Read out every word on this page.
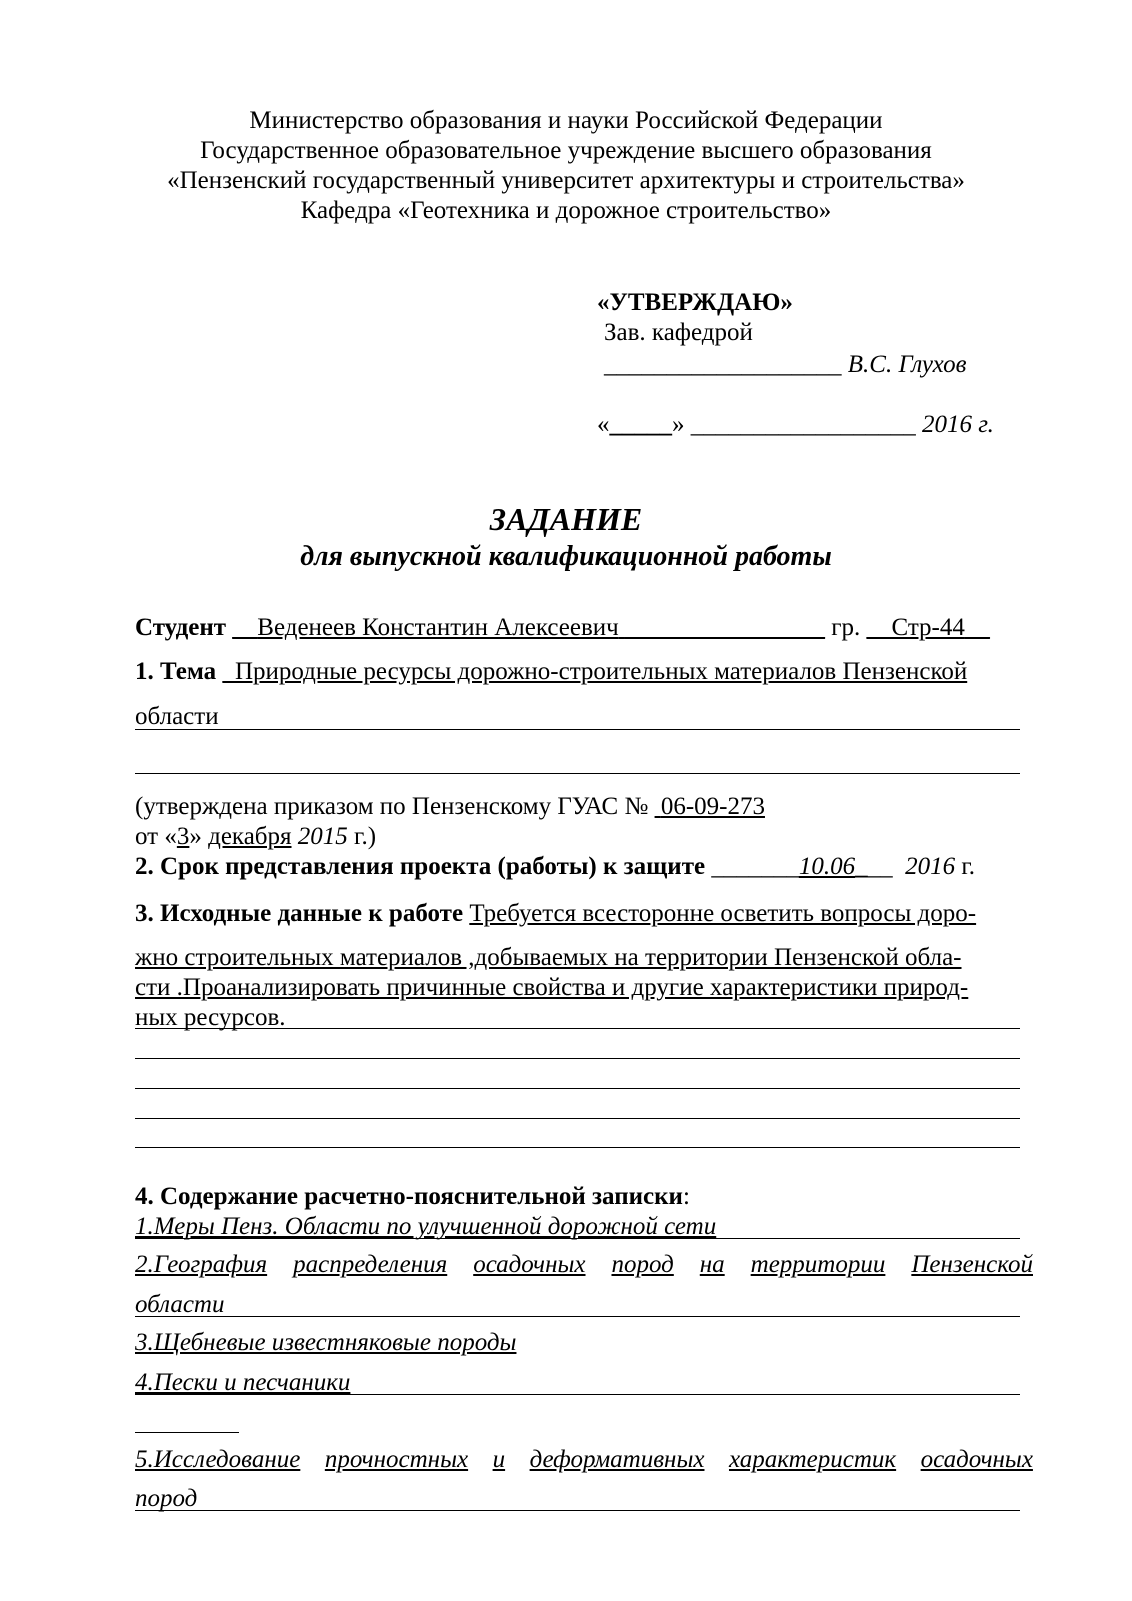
Министерство образования и науки Российской Федерации
Государственное образовательное учреждение высшего образования
«Пензенский государственный университет архитектуры и строительства»
Кафедра «Геотехника и дорожное строительство»
«УТВЕРЖДАЮ»
Зав. кафедрой
___________________ В.С. Глухов
«_____» __________________ 2016 г.
ЗАДАНИЕ
для выпускной квалификационной работы
Студент __Веденеев Константин Алексеевич ________________ гр. __Стр-44__
1. Тема _Природные ресурсы дорожно-строительных материалов Пензенской
области
(утверждена приказом по Пензенскому ГУАС № 06-09-273
от «3» декабря 2015 г.)
2. Срок представления проекта (работы) к защите _______10.06___ 2016 г.
3. Исходные данные к работе Требуется всесторонне осветить вопросы доро-
жно строительных материалов ,добываемых на территории Пензенской обла-
сти .Проанализировать причинные свойства и другие характеристики природ-
ных ресурсов.
4. Содержание расчетно-пояснительной записки:
1.Меры Пенз. Области по улучшенной дорожной сети
2.География распределения осадочных пород на территории Пензенской
области
3.Щебневые известняковые породы
4.Пески и песчаники
5.Исследование прочностных и деформативных характеристик осадочных
пород
